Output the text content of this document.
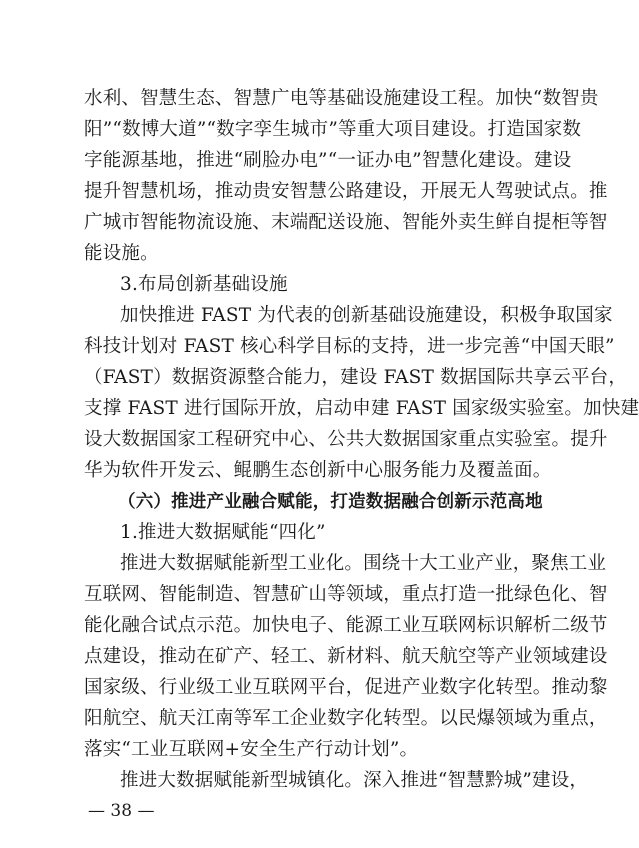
水利、智慧生态、智慧广电等基础设施建设工程。加快“数智贵
阳”“数博大道”“数字孪生城市”等重大项目建设。打造国家数
字能源基地，推进“刷脸办电”“一证办电”智慧化建设。建设
提升智慧机场，推动贵安智慧公路建设，开展无人驾驶试点。推
广城市智能物流设施、末端配送设施、智能外卖生鲜自提柜等智
能设施。
3.布局创新基础设施
加快推进 FAST 为代表的创新基础设施建设，积极争取国家
科技计划对 FAST 核心科学目标的支持，进一步完善“中国天眼”
（FAST）数据资源整合能力，建设 FAST 数据国际共享云平台，
支撑 FAST 进行国际开放，启动申建 FAST 国家级实验室。加快建
设大数据国家工程研究中心、公共大数据国家重点实验室。提升
华为软件开发云、鲲鹏生态创新中心服务能力及覆盖面。
（六）推进产业融合赋能，打造数据融合创新示范高地
1.推进大数据赋能“四化”
推进大数据赋能新型工业化。围绕十大工业产业，聚焦工业
互联网、智能制造、智慧矿山等领域，重点打造一批绿色化、智
能化融合试点示范。加快电子、能源工业互联网标识解析二级节
点建设，推动在矿产、轻工、新材料、航天航空等产业领域建设
国家级、行业级工业互联网平台，促进产业数字化转型。推动黎
阳航空、航天江南等军工企业数字化转型。以民爆领域为重点，
落实“工业互联网+安全生产行动计划”。
推进大数据赋能新型城镇化。深入推进“智慧黔城”建设，
— 38 —
